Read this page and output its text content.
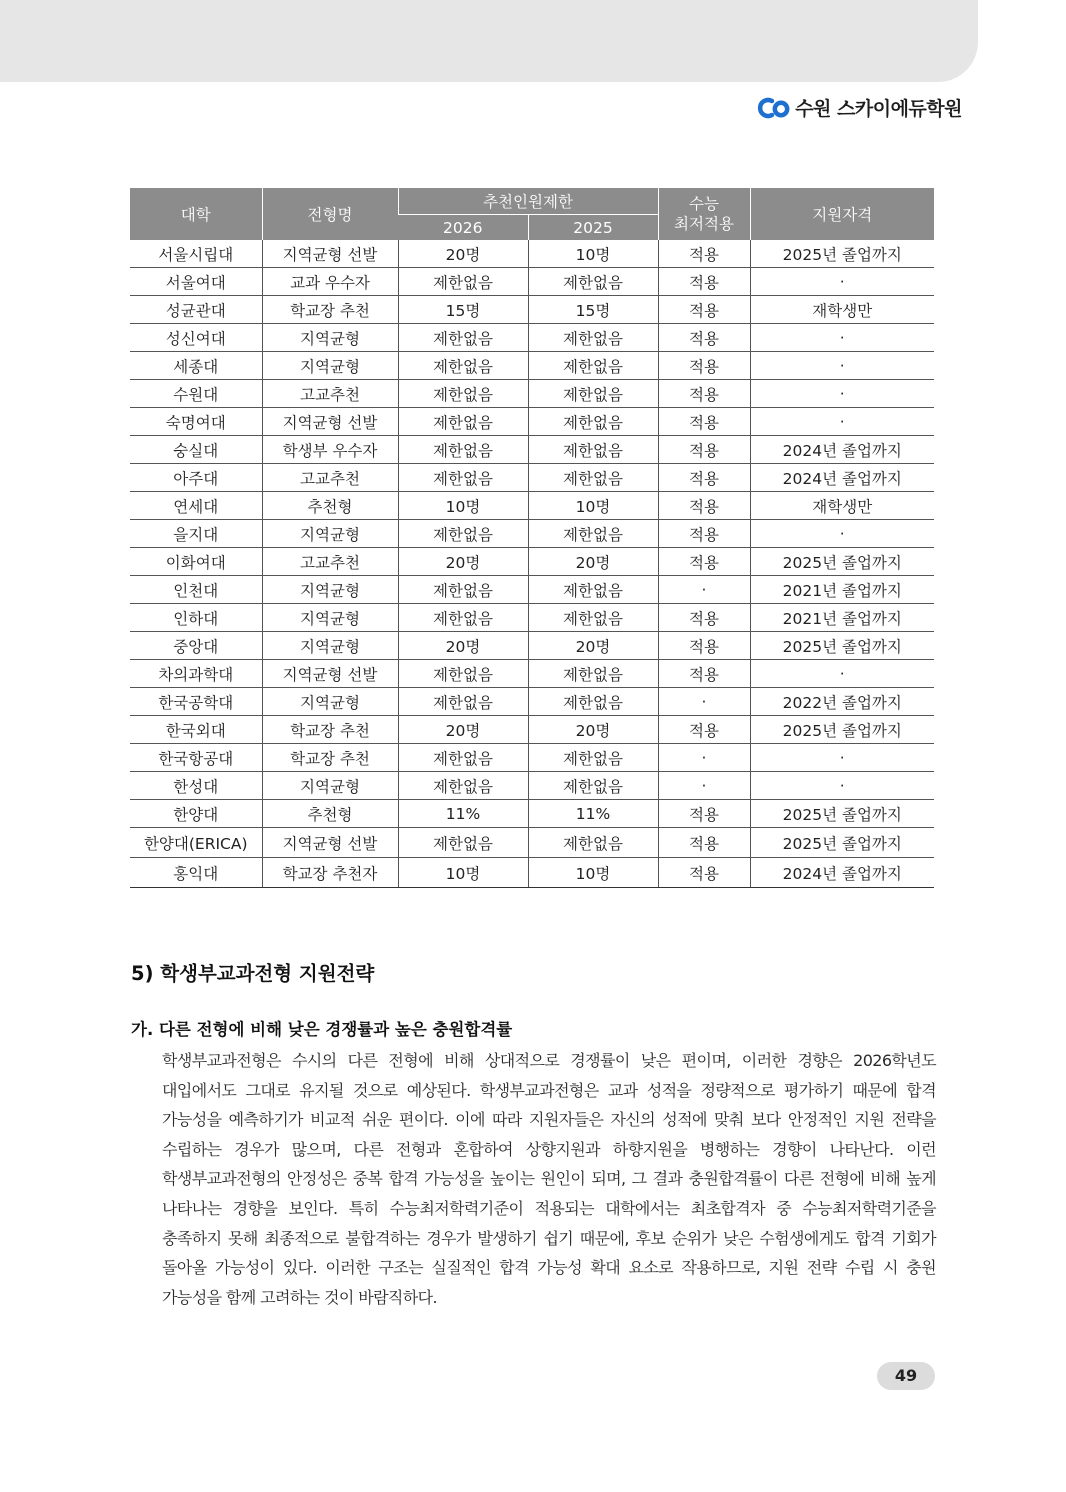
수원 스카이에듀학원
대학	전형명	추천인원제한		수능
최저적용	지원자격
		2026	2025		
서울시립대	지역균형 선발	20명	10명	적용	2025년 졸업까지
서울여대	교과 우수자	제한없음	제한없음	적용	·
성균관대	학교장 추천	15명	15명	적용	재학생만
성신여대	지역균형	제한없음	제한없음	적용	·
세종대	지역균형	제한없음	제한없음	적용	·
수원대	고교추천	제한없음	제한없음	적용	·
숙명여대	지역균형 선발	제한없음	제한없음	적용	·
숭실대	학생부 우수자	제한없음	제한없음	적용	2024년 졸업까지
아주대	고교추천	제한없음	제한없음	적용	2024년 졸업까지
연세대	추천형	10명	10명	적용	재학생만
을지대	지역균형	제한없음	제한없음	적용	·
이화여대	고교추천	20명	20명	적용	2025년 졸업까지
인천대	지역균형	제한없음	제한없음	·	2021년 졸업까지
인하대	지역균형	제한없음	제한없음	적용	2021년 졸업까지
중앙대	지역균형	20명	20명	적용	2025년 졸업까지
차의과학대	지역균형 선발	제한없음	제한없음	적용	·
한국공학대	지역균형	제한없음	제한없음	·	2022년 졸업까지
한국외대	학교장 추천	20명	20명	적용	2025년 졸업까지
한국항공대	학교장 추천	제한없음	제한없음	·	·
한성대	지역균형	제한없음	제한없음	·	·
한양대	추천형	11%	11%	적용	2025년 졸업까지
한양대(ERICA)	지역균형 선발	제한없음	제한없음	적용	2025년 졸업까지
홍익대	학교장 추천자	10명	10명	적용	2024년 졸업까지
5) 학생부교과전형 지원전략
가. 다른 전형에 비해 낮은 경쟁률과 높은 충원합격률

학생부교과전형은 수시의 다른 전형에 비해 상대적으로 경쟁률이 낮은 편이며, 이러한 경향은 2026학년도 대입에서도 그대로 유지될 것으로 예상된다. 학생부교과전형은 교과 성적을 정량적으로 평가하기 때문에 합격 가능성을 예측하기가 비교적 쉬운 편이다. 이에 따라 지원자들은 자신의 성적에 맞춰 보다 안정적인 지원 전략을 수립하는 경우가 많으며, 다른 전형과 혼합하여 상향지원과 하향지원을 병행하는 경향이 나타난다. 이런 학생부교과전형의 안정성은 중복 합격 가능성을 높이는 원인이 되며, 그 결과 충원합격률이 다른 전형에 비해 높게 나타나는 경향을 보인다. 특히 수능최저학력기준이 적용되는 대학에서는 최초합격자 중 수능최저학력기준을 충족하지 못해 최종적으로 불합격하는 경우가 발생하기 쉽기 때문에, 후보 순위가 낮은 수험생에게도 합격 기회가 돌아올 가능성이 있다. 이러한 구조는 실질적인 합격 가능성 확대 요소로 작용하므로, 지원 전략 수립 시 충원 가능성을 함께 고려하는 것이 바람직하다.

49
